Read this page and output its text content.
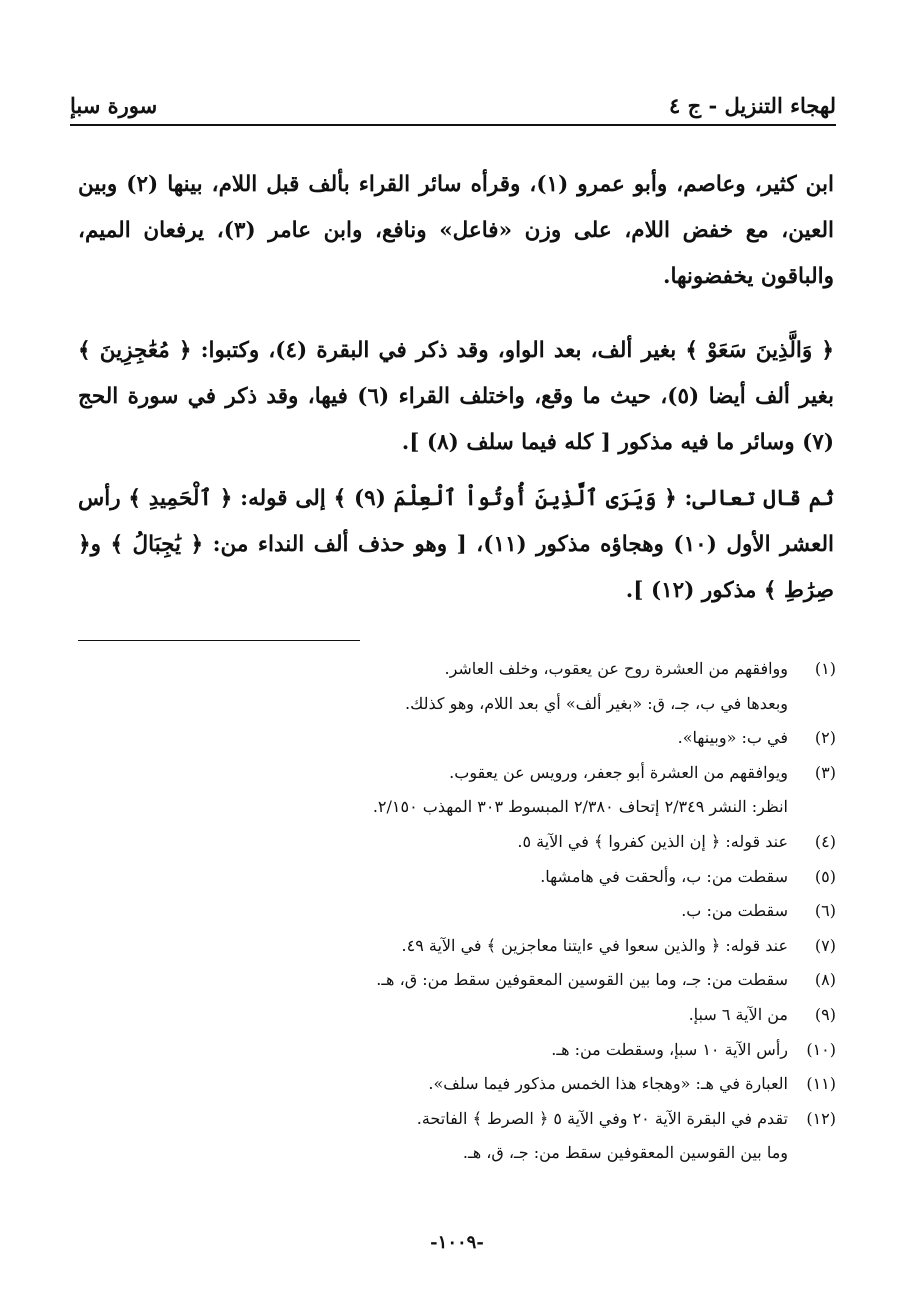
لهجاء التنزيل - ج ٤
سورة سبإ

ابن كثير، وعاصم، وأبو عمرو (١)، وقرأه سائر القراء بألف قبل اللام، بينها (٢) وبين العين، مع خفض اللام، على وزن «فاعل» ونافع، وابن عامر (٣)، يرفعان الميم، والباقون يخفضونها.

﴿ وَالَّذِينَ سَعَوْ ﴾ بغير ألف، بعد الواو، وقد ذكر في البقرة (٤)، وكتبوا: ﴿ مُعَٰجِزِينَ ﴾ بغير ألف أيضا (٥)، حيث ما وقع، واختلف القراء (٦) فيها، وقد ذكر في سورة الحج (٧) وسائر ما فيه مذكور [ كله فيما سلف (٨) ].

ثم قال تعالى: ﴿ وَيَرَى ٱلَّذِينَ أُوتُواْ ٱلْعِلْمَ (٩) ﴾ إلى قوله: ﴿ ٱلْحَمِيدِ ﴾ رأس العشر الأول (١٠) وهجاؤه مذكور (١١)، [ وهو حذف ألف النداء من: ﴿ يَٰجِبَالُ ﴾ و﴿ صِرَٰطِ ﴾ مذكور (١٢) ].

(١)
ووافقهم من العشرة روح عن يعقوب، وخلف العاشر.
وبعدها في ب، جـ، ق: «بغير ألف» أي بعد اللام، وهو كذلك.
(٢)
في ب: «وبينها».
(٣)
ويوافقهم من العشرة أبو جعفر، ورويس عن يعقوب.
انظر: النشر ٢/٣٤٩ إتحاف ٢/٣٨٠ المبسوط ٣٠٣ المهذب ٢/١٥٠.
(٤)
عند قوله: ﴿ إن الذين كفروا ﴾ في الآية ٥.
(٥)
سقطت من: ب، وألحقت في هامشها.
(٦)
سقطت من: ب.
(٧)
عند قوله: ﴿ والذين سعوا في ءايتنا معاجزين ﴾ في الآية ٤٩.
(٨)
سقطت من: جـ، وما بين القوسين المعقوفين سقط من: ق، هـ.
(٩)
من الآية ٦ سبإ.
(١٠)
رأس الآية ١٠ سبإ، وسقطت من: هـ.
(١١)
العبارة في هـ: «وهجاء هذا الخمس مذكور فيما سلف».
(١٢)
تقدم في البقرة الآية ٢٠ وفي الآية ٥ ﴿ الصرط ﴾ الفاتحة.
وما بين القوسين المعقوفين سقط من: جـ، ق، هـ.
-١٠٠٩-
